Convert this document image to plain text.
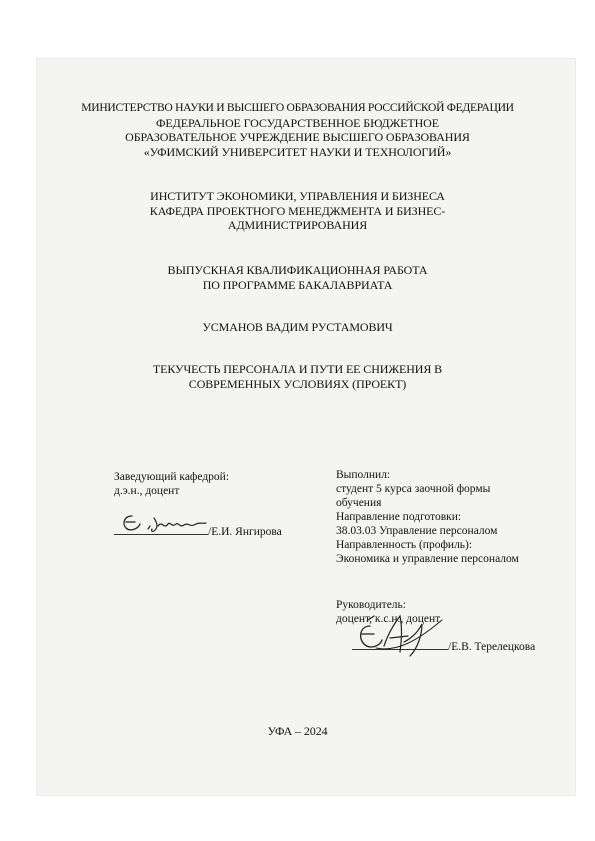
МИНИСТЕРСТВО НАУКИ И ВЫСШЕГО ОБРАЗОВАНИЯ РОССИЙСКОЙ ФЕДЕРАЦИИ
ФЕДЕРАЛЬНОЕ ГОСУДАРСТВЕННОЕ БЮДЖЕТНОЕ
ОБРАЗОВАТЕЛЬНОЕ УЧРЕЖДЕНИЕ ВЫСШЕГО ОБРАЗОВАНИЯ
«УФИМСКИЙ УНИВЕРСИТЕТ НАУКИ И ТЕХНОЛОГИЙ»
ИНСТИТУТ ЭКОНОМИКИ, УПРАВЛЕНИЯ И БИЗНЕСА
КАФЕДРА ПРОЕКТНОГО МЕНЕДЖМЕНТА И БИЗНЕС-
АДМИНИСТРИРОВАНИЯ
ВЫПУСКНАЯ КВАЛИФИКАЦИОННАЯ РАБОТА
ПО ПРОГРАММЕ БАКАЛАВРИАТА
УСМАНОВ ВАДИМ РУСТАМОВИЧ
ТЕКУЧЕСТЬ ПЕРСОНАЛА И ПУТИ ЕЕ СНИЖЕНИЯ В
СОВРЕМЕННЫХ УСЛОВИЯХ (ПРОЕКТ)
Заведующий кафедрой:
д.э.н., доцент
/Е.И. Янгирова
Выполнил:
студент 5 курса заочной формы
обучения
Направление подготовки:
38.03.03 Управление персоналом
Направленность (профиль):
Экономика и управление персоналом
Руководитель:
доцент, к.с.н., доцент
/Е.В. Терелецкова
УФА – 2024
